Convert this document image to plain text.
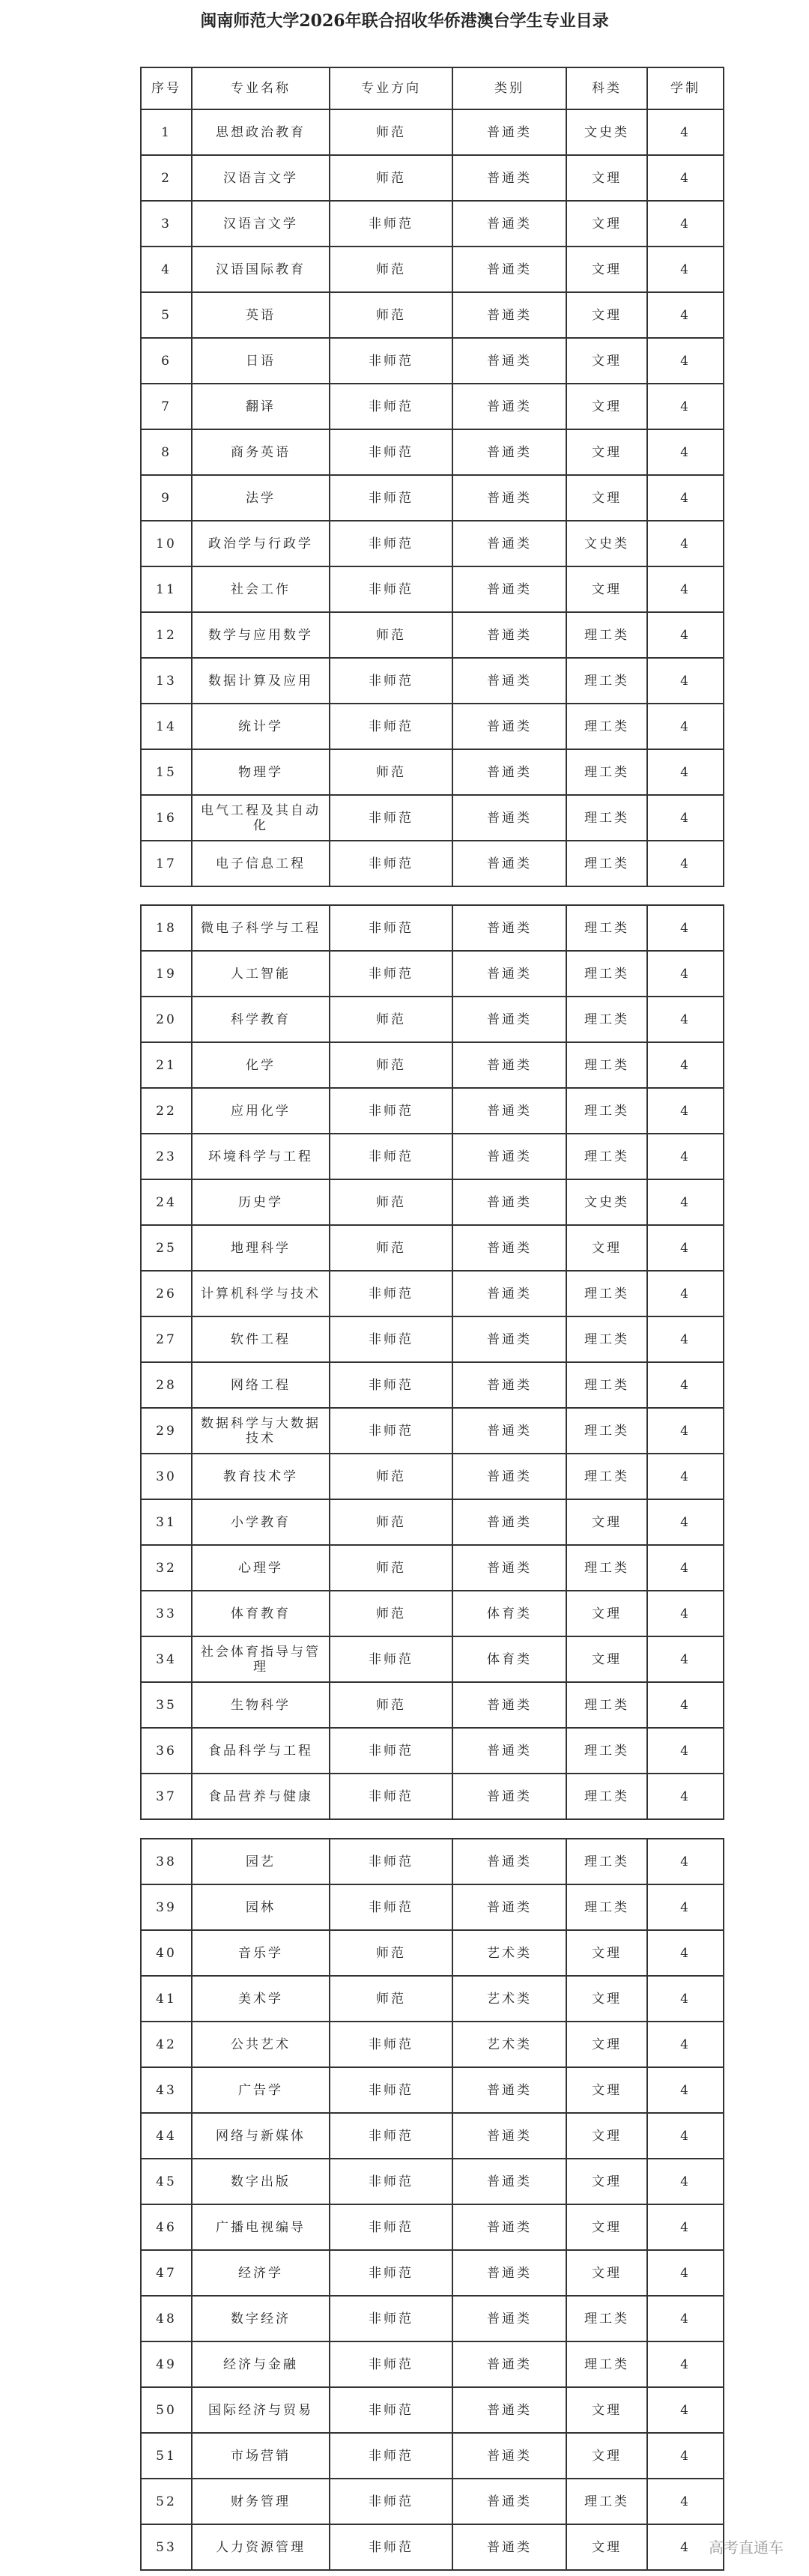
闽南师范大学2026年联合招收华侨港澳台学生专业目录
序号	专业名称	专业方向	类别	科类	学制
1	思想政治教育	师范	普通类	文史类	4
2	汉语言文学	师范	普通类	文理	4
3	汉语言文学	非师范	普通类	文理	4
4	汉语国际教育	师范	普通类	文理	4
5	英语	师范	普通类	文理	4
6	日语	非师范	普通类	文理	4
7	翻译	非师范	普通类	文理	4
8	商务英语	非师范	普通类	文理	4
9	法学	非师范	普通类	文理	4
10	政治学与行政学	非师范	普通类	文史类	4
11	社会工作	非师范	普通类	文理	4
12	数学与应用数学	师范	普通类	理工类	4
13	数据计算及应用	非师范	普通类	理工类	4
14	统计学	非师范	普通类	理工类	4
15	物理学	师范	普通类	理工类	4
16	电气工程及其自动化	非师范	普通类	理工类	4
17	电子信息工程	非师范	普通类	理工类	4
18	微电子科学与工程	非师范	普通类	理工类	4
19	人工智能	非师范	普通类	理工类	4
20	科学教育	师范	普通类	理工类	4
21	化学	师范	普通类	理工类	4
22	应用化学	非师范	普通类	理工类	4
23	环境科学与工程	非师范	普通类	理工类	4
24	历史学	师范	普通类	文史类	4
25	地理科学	师范	普通类	文理	4
26	计算机科学与技术	非师范	普通类	理工类	4
27	软件工程	非师范	普通类	理工类	4
28	网络工程	非师范	普通类	理工类	4
29	数据科学与大数据技术	非师范	普通类	理工类	4
30	教育技术学	师范	普通类	理工类	4
31	小学教育	师范	普通类	文理	4
32	心理学	师范	普通类	理工类	4
33	体育教育	师范	体育类	文理	4
34	社会体育指导与管理	非师范	体育类	文理	4
35	生物科学	师范	普通类	理工类	4
36	食品科学与工程	非师范	普通类	理工类	4
37	食品营养与健康	非师范	普通类	理工类	4
38	园艺	非师范	普通类	理工类	4
39	园林	非师范	普通类	理工类	4
40	音乐学	师范	艺术类	文理	4
41	美术学	师范	艺术类	文理	4
42	公共艺术	非师范	艺术类	文理	4
43	广告学	非师范	普通类	文理	4
44	网络与新媒体	非师范	普通类	文理	4
45	数字出版	非师范	普通类	文理	4
46	广播电视编导	非师范	普通类	文理	4
47	经济学	非师范	普通类	文理	4
48	数字经济	非师范	普通类	理工类	4
49	经济与金融	非师范	普通类	理工类	4
50	国际经济与贸易	非师范	普通类	文理	4
51	市场营销	非师范	普通类	文理	4
52	财务管理	非师范	普通类	理工类	4
53	人力资源管理	非师范	普通类	文理	4 高考直通车
